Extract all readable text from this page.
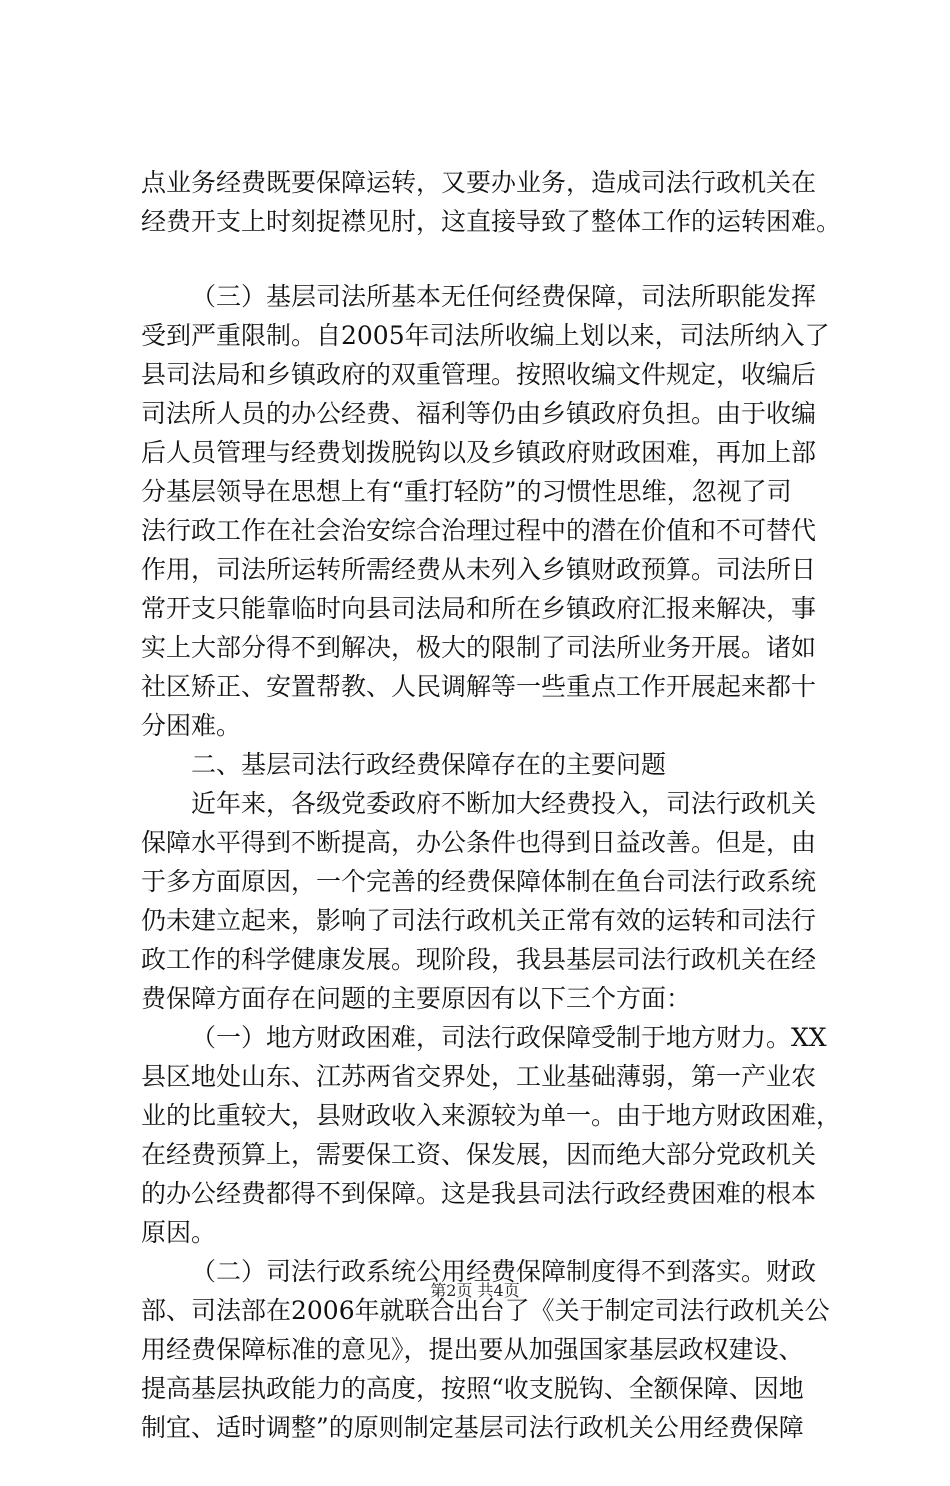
点业务经费既要保障运转，又要办业务，造成司法行政机关在
经费开支上时刻捉襟见肘，这直接导致了整体工作的运转困难。
（三）基层司法所基本无任何经费保障，司法所职能发挥
受到严重限制。自2005年司法所收编上划以来，司法所纳入了
县司法局和乡镇政府的双重管理。按照收编文件规定，收编后
司法所人员的办公经费、福利等仍由乡镇政府负担。由于收编
后人员管理与经费划拨脱钩以及乡镇政府财政困难，再加上部
分基层领导在思想上有“重打轻防”的习惯性思维，忽视了司
法行政工作在社会治安综合治理过程中的潜在价值和不可替代
作用，司法所运转所需经费从未列入乡镇财政预算。司法所日
常开支只能靠临时向县司法局和所在乡镇政府汇报来解决，事
实上大部分得不到解决，极大的限制了司法所业务开展。诸如
社区矫正、安置帮教、人民调解等一些重点工作开展起来都十
分困难。
二、基层司法行政经费保障存在的主要问题
近年来，各级党委政府不断加大经费投入，司法行政机关
保障水平得到不断提高，办公条件也得到日益改善。但是，由
于多方面原因，一个完善的经费保障体制在鱼台司法行政系统
仍未建立起来，影响了司法行政机关正常有效的运转和司法行
政工作的科学健康发展。现阶段，我县基层司法行政机关在经
费保障方面存在问题的主要原因有以下三个方面：
（一）地方财政困难，司法行政保障受制于地方财力。XX
县区地处山东、江苏两省交界处，工业基础薄弱，第一产业农
业的比重较大，县财政收入来源较为单一。由于地方财政困难，
在经费预算上，需要保工资、保发展，因而绝大部分党政机关
的办公经费都得不到保障。这是我县司法行政经费困难的根本
原因。
（二）司法行政系统公用经费保障制度得不到落实。财政
部、司法部在2006年就联合出台了《关于制定司法行政机关公
用经费保障标准的意见》，提出要从加强国家基层政权建设、
提高基层执政能力的高度，按照“收支脱钩、全额保障、因地
制宜、适时调整”的原则制定基层司法行政机关公用经费保障
第2页 共4页
